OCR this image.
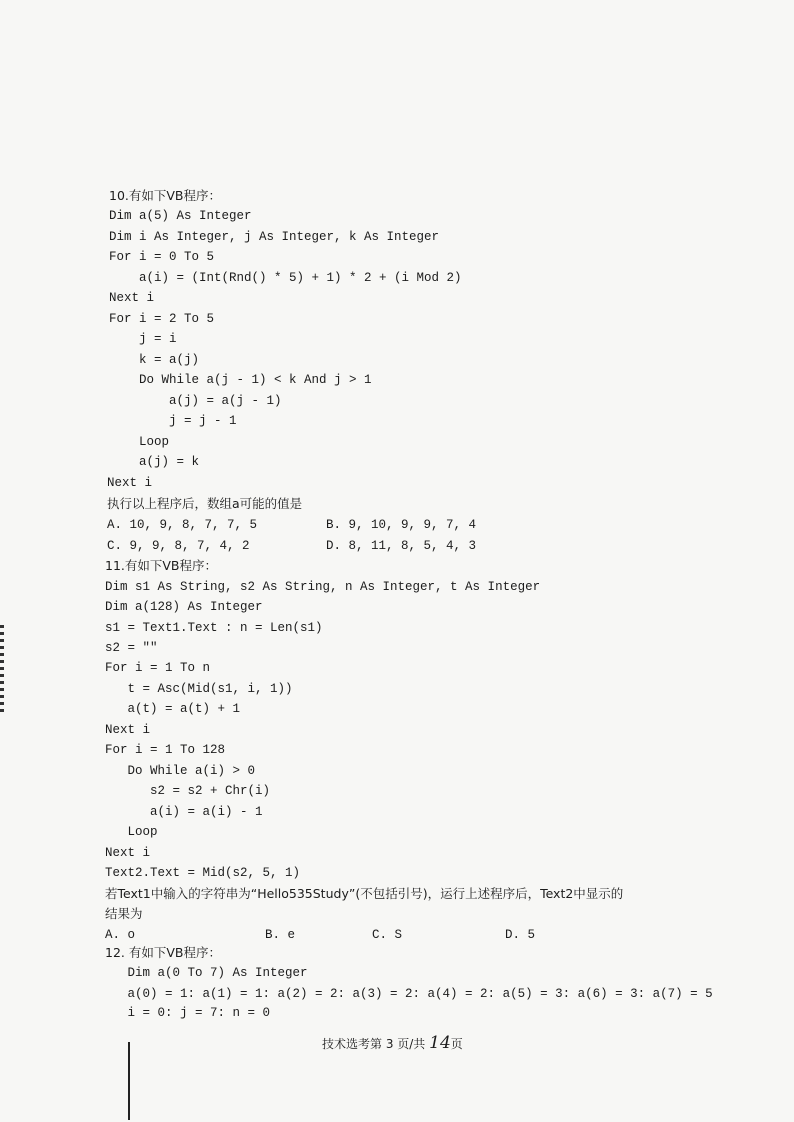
10.有如下VB程序：
Dim a(5) As Integer
Dim i As Integer, j As Integer, k As Integer
For i = 0 To 5
a(i) = (Int(Rnd() * 5) + 1) * 2 + (i Mod 2)
Next i
For i = 2 To 5
j = i
k = a(j)
Do While a(j - 1) < k And j > 1
a(j) = a(j - 1)
j = j - 1
Loop
a(j) = k
Next i
执行以上程序后，数组a可能的值是
A. 10, 9, 8, 7, 7, 5	B. 9, 10, 9, 9, 7, 4
C. 9, 9, 8, 7, 4, 2	D. 8, 11, 8, 5, 4, 3
11.有如下VB程序：
Dim s1 As String, s2 As String, n As Integer, t As Integer
Dim a(128) As Integer
s1 = Text1.Text : n = Len(s1)
s2 = ""
For i = 1 To n
t = Asc(Mid(s1, i, 1))
a(t) = a(t) + 1
Next i
For i = 1 To 128
Do While a(i) > 0
s2 = s2 + Chr(i)
a(i) = a(i) - 1
Loop
Next i
Text2.Text = Mid(s2, 5, 1)
若Text1中输入的字符串为“Hello535Study”(不包括引号)，运行上述程序后，Text2中显示的
结果为
A. o	B. e	C. S	D. 5
12. 有如下VB程序：
Dim a(0 To 7) As Integer
a(0) = 1: a(1) = 1: a(2) = 2: a(3) = 2: a(4) = 2: a(5) = 3: a(6) = 3: a(7) = 5
i = 0: j = 7: n = 0
技术选考第 3 页/共 14页
